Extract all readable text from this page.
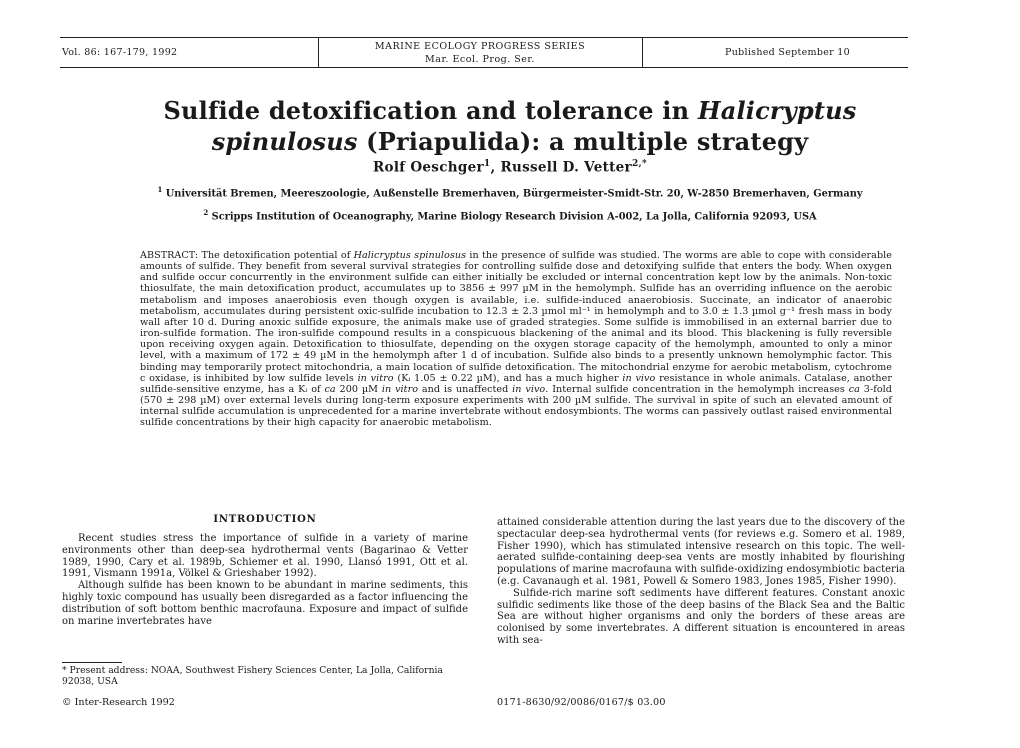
Vol. 86: 167-179, 1992
MARINE ECOLOGY PROGRESS SERIES
Mar. Ecol. Prog. Ser.
Published September 10
Sulfide detoxification and tolerance in Halicryptus
spinulosus (Priapulida): a multiple strategy
Rolf Oeschger$^1$, Russell D. Vetter$^{2,*}$
$^1$ Universität Bremen, Meereszoologie, Außenstelle Bremerhaven, Bürgermeister-Smidt-Str. 20, W-2850 Bremerhaven, Germany
$^2$ Scripps Institution of Oceanography, Marine Biology Research Division A-002, La Jolla, California 92093, USA
ABSTRACT: The detoxification potential of Halicryptus spinulosus in the presence of sulfide was studied. The worms are able to cope with considerable amounts of sulfide. They benefit from several survival strategies for controlling sulfide dose and detoxifying sulfide that enters the body. When oxygen and sulfide occur concurrently in the environment sulfide can either initially be excluded or internal concentration kept low by the animals. Non-toxic thiosulfate, the main detoxification product, accumulates up to 3856 ± 997 µM in the hemolymph. Sulfide has an overriding influence on the aerobic metabolism and imposes anaerobiosis even though oxygen is available, i.e. sulfide-induced anaerobiosis. Succinate, an indicator of anaerobic metabolism, accumulates during persistent oxic-sulfide incubation to 12.3 ± 2.3 µmol ml⁻¹ in hemolymph and to 3.0 ± 1.3 µmol g⁻¹ fresh mass in body wall after 10 d. During anoxic sulfide exposure, the animals make use of graded strategies. Some sulfide is immobilised in an external barrier due to iron-sulfide formation. The iron-sulfide compound results in a conspicuous blackening of the animal and its blood. This blackening is fully reversible upon receiving oxygen again. Detoxification to thiosulfate, depending on the oxygen storage capacity of the hemolymph, amounted to only a minor level, with a maximum of 172 ± 49 µM in the hemolymph after 1 d of incubation. Sulfide also binds to a presently unknown hemolymphic factor. This binding may temporarily protect mitochondria, a main location of sulfide detoxification. The mitochondrial enzyme for aerobic metabolism, cytochrome c oxidase, is inhibited by low sulfide levels in vitro (Kᵢ 1.05 ± 0.22 µM), and has a much higher in vivo resistance in whole animals. Catalase, another sulfide-sensitive enzyme, has a Kᵢ of ca 200 µM in vitro and is unaffected in vivo. Internal sulfide concentration in the hemolymph increases ca 3-fold (570 ± 298 µM) over external levels during long-term exposure experiments with 200 µM sulfide. The survival in spite of such an elevated amount of internal sulfide accumulation is unprecedented for a marine invertebrate without endosymbionts. The worms can passively outlast raised environmental sulfide concentrations by their high capacity for anaerobic metabolism.
INTRODUCTION

Recent studies stress the importance of sulfide in a variety of marine environments other than deep-sea hydrothermal vents (Bagarinao & Vetter 1989, 1990, Cary et al. 1989b, Schiemer et al. 1990, Llansó 1991, Ott et al. 1991, Vismann 1991a, Völkel & Grieshaber 1992).

Although sulfide has been known to be abundant in marine sediments, this highly toxic compound has usually been disregarded as a factor influencing the distribution of soft bottom benthic macrofauna. Exposure and impact of sulfide on marine invertebrates have

attained considerable attention during the last years due to the discovery of the spectacular deep-sea hydrothermal vents (for reviews e.g. Somero et al. 1989, Fisher 1990), which has stimulated intensive research on this topic. The well-aerated sulfide-containing deep-sea vents are mostly inhabited by flourishing populations of marine macrofauna with sulfide-oxidizing endosymbiotic bacteria (e.g. Cavanaugh et al. 1981, Powell & Somero 1983, Jones 1985, Fisher 1990).

Sulfide-rich marine soft sediments have different features. Constant anoxic sulfidic sediments like those of the deep basins of the Black Sea and the Baltic Sea are without higher organisms and only the borders of these areas are colonised by some invertebrates. A different situation is encountered in areas with sea-

* Present address: NOAA, Southwest Fishery Sciences Center, La Jolla, California 92038, USA
© Inter-Research 1992	0171-8630/92/0086/0167/$ 03.00
